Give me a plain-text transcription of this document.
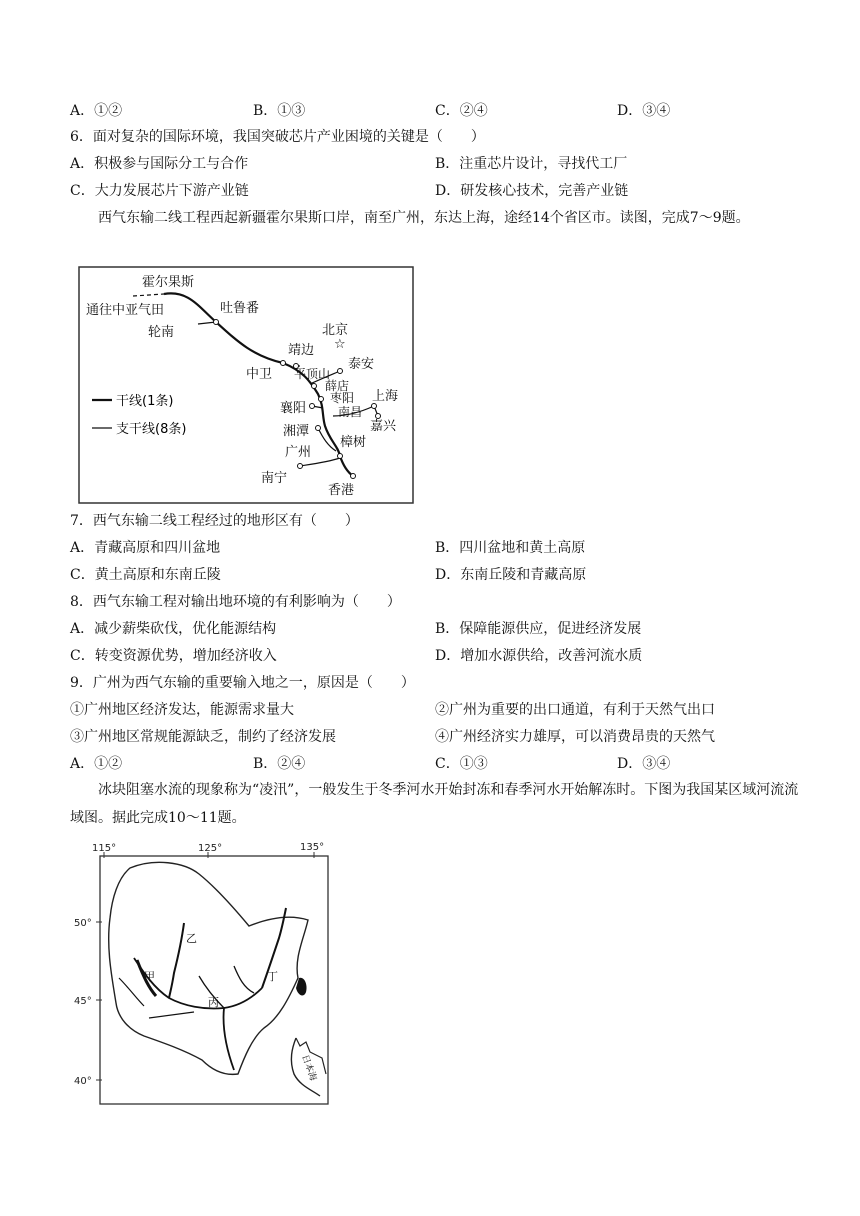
A．①②	B．①③	C．②④	D．③④
6．面对复杂的国际环境，我国突破芯片产业困境的关键是（　　）
A．积极参与国际分工与合作	B．注重芯片设计，寻找代工厂
C．大力发展芯片下游产业链	D．研发核心技术，完善产业链
西气东输二线工程西起新疆霍尔果斯口岸，南至广州，东达上海，途经14个省区市。读图，完成7～9题。
☆
霍尔果斯
通往中亚气田	吐鲁番
轮南	北京
靖边
泰安
中卫 平顶山
薛店
襄阳
枣阳
南昌
上海
嘉兴
湘潭
樟树
广州
南宁
香港
干线(1条)
支干线(8条)
7．西气东输二线工程经过的地形区有（　　）
A．青藏高原和四川盆地	B．四川盆地和黄土高原
C．黄土高原和东南丘陵	D．东南丘陵和青藏高原
8．西气东输工程对输出地环境的有利影响为（　　）
A．减少薪柴砍伐，优化能源结构	B．保障能源供应，促进经济发展
C．转变资源优势，增加经济收入	D．增加水源供给，改善河流水质
9．广州为西气东输的重要输入地之一，原因是（　　）
①广州地区经济发达，能源需求量大	②广州为重要的出口通道，有利于天然气出口
③广州地区常规能源缺乏，制约了经济发展	④广州经济实力雄厚，可以消费昂贵的天然气
A．①②	B．②④	C．①③	D．③④
冰块阻塞水流的现象称为“凌汛”，一般发生于冬季河水开始封冻和春季河水开始解冻时。下图为我国某区域河流流域图。据此完成10～11题。
115°	125°	135°
50°
45°
40°
乙
甲
丙
丁
日本海
